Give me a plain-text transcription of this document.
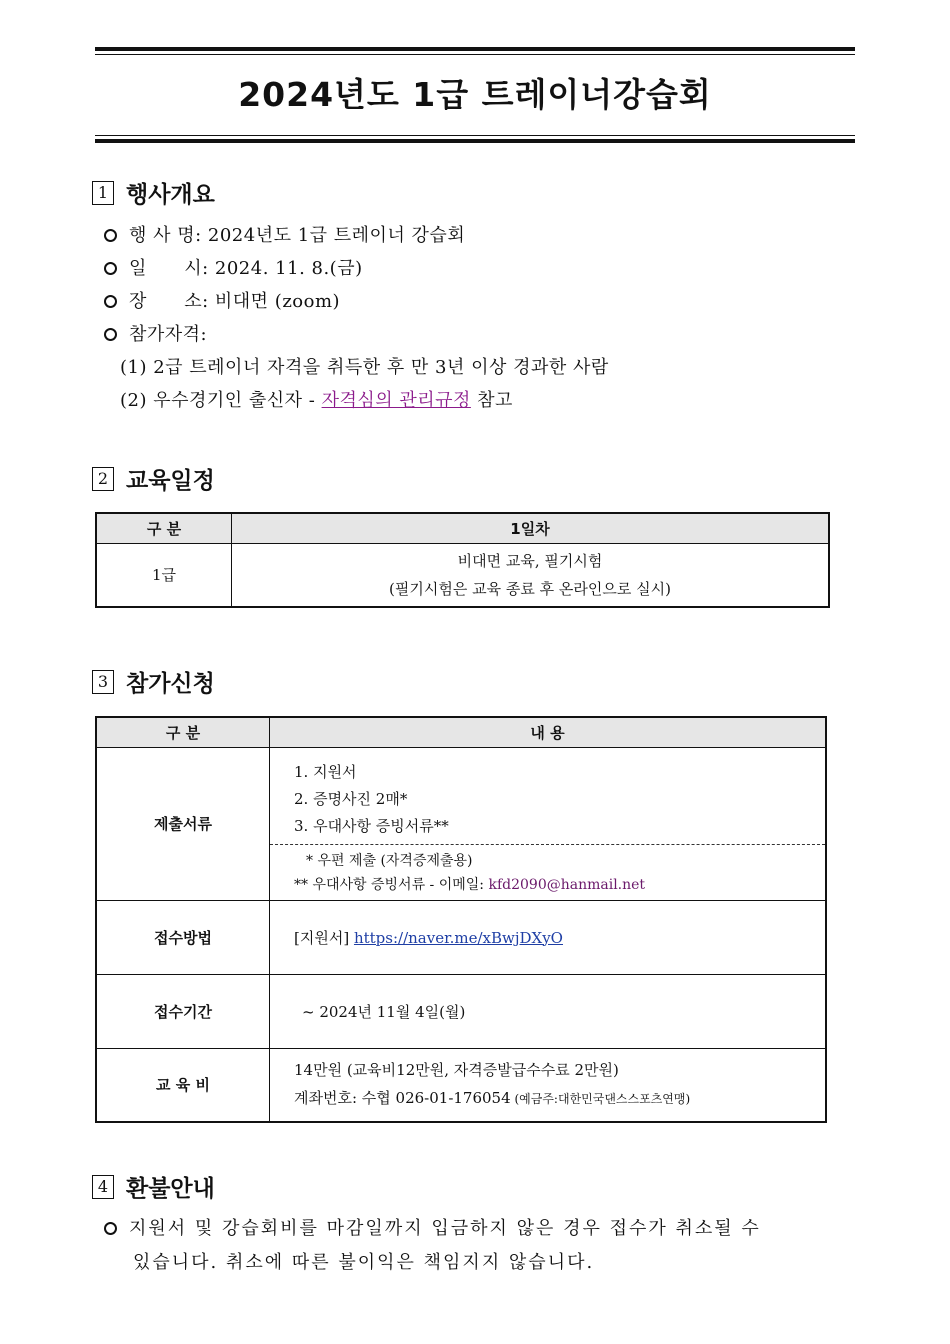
2024년도 1급 트레이너강습회
1 행사개요
행 사 명: 2024년도 1급 트레이너 강습회
일      시: 2024. 11. 8.(금)
장      소: 비대면 (zoom)
참가자격:
(1) 2급 트레이너 자격을 취득한 후 만 3년 이상 경과한 사람
(2) 우수경기인 출신자 - 자격심의 관리규정 참고
2 교육일정
구 분	1일차
1급	비대면 교육, 필기시험
(필기시험은 교육 종료 후 온라인으로 실시)
3 참가신청
구 분	내 용
제출서류	1. 지원서
2. 증명사진 2매*
3. 우대사항 증빙서류**
* 우편 제출 (자격증제출용)
** 우대사항 증빙서류 - 이메일: kfd2090@hanmail.net

접수방법	[지원서] https://naver.me/xBwjDXyO
접수기간	~ 2024년 11월 4일(월)
교 육 비	14만원 (교육비12만원, 자격증발급수수료 2만원)
계좌번호: 수협 026-01-176054 (예금주:대한민국댄스스포츠연맹)
4 환불안내
지원서 및 강습회비를 마감일까지 입금하지 않은 경우 접수가 취소될 수
있습니다. 취소에 따른 불이익은 책임지지 않습니다.
